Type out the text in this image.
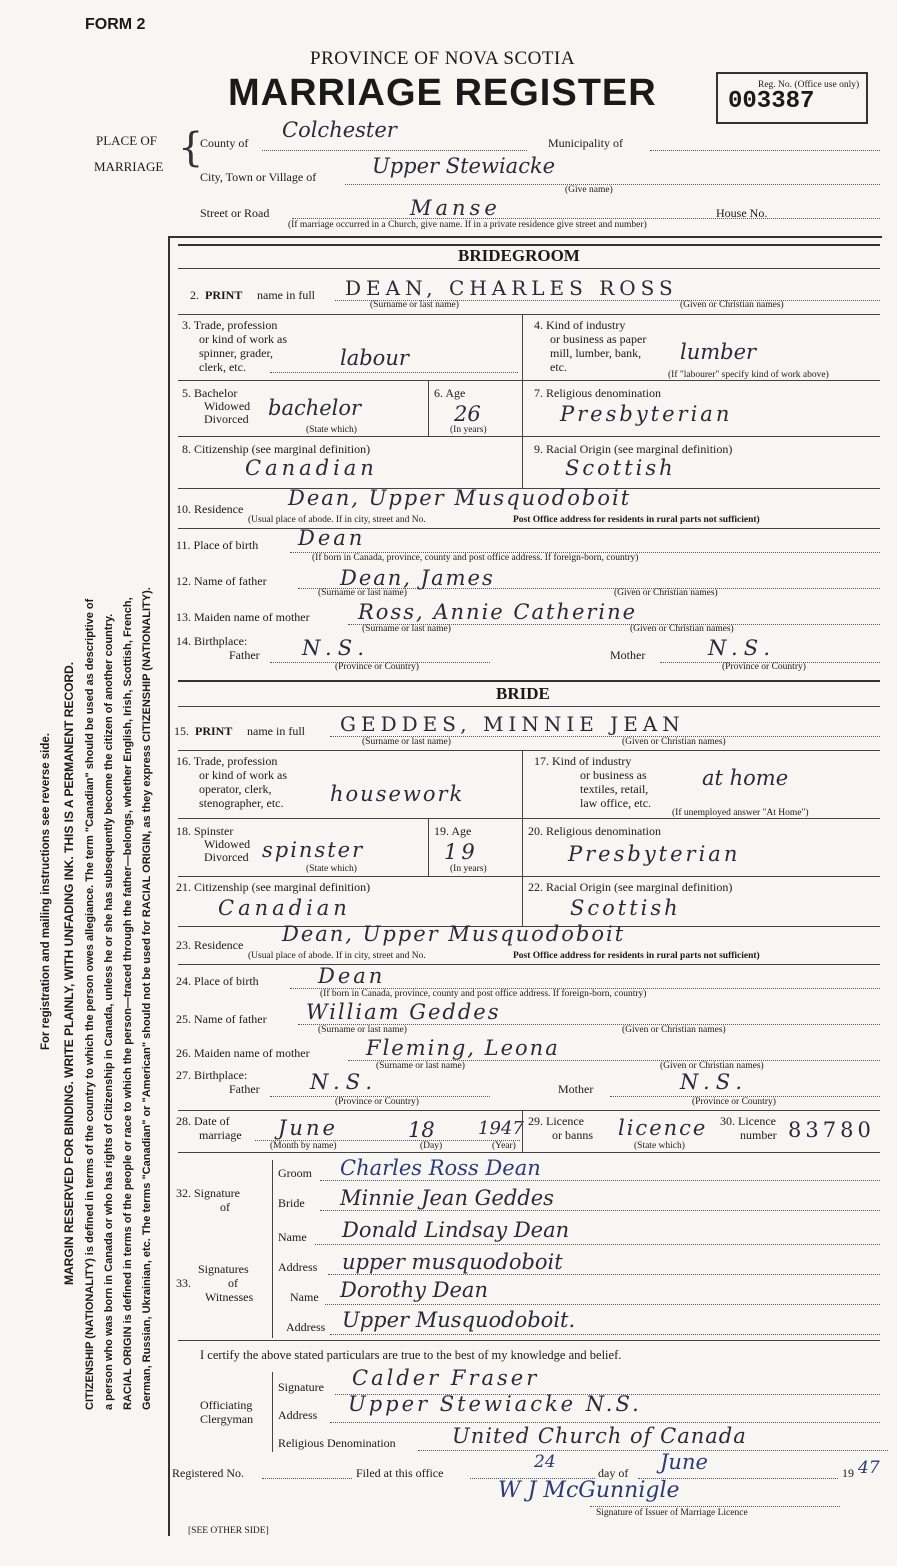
FORM 2
PROVINCE OF NOVA SCOTIA
MARRIAGE REGISTER	Reg. No. (Office use only)
003387
PLACE OF
MARRIAGE {
County of
Colchester
Municipality of
City, Town or Village of	Upper Stewiacke
(Give name)
Street or Road	Manse	House No.
(If marriage occurred in a Church, give name. If in a private residence give street and number)
For registration and mailing instructions see reverse side. MARGIN RESERVED FOR BINDING. WRITE PLAINLY, WITH UNFADING INK. THIS IS A PERMANENT RECORD. CITIZENSHIP (NATIONALITY) is defined in terms of the country to which the person owes allegiance. The term "Canadian" should be used as descriptive of a person who was born in Canada or who has rights of Citizenship in Canada, unless he or she has subsequently become the citizen of another country. RACIAL ORIGIN is defined in terms of the people or race to which the person—traced through the father—belongs, whether English, Irish, Scottish, French, German, Russian, Ukrainian, etc. The terms "Canadian" or "American" should not be used for RACIAL ORIGIN, as they express CITIZENSHIP (NATIONALITY).
BRIDEGROOM
2. PRINT name in full DEAN, CHARLES ROSS
(Surname or last name)	(Given or Christian names)
3. Trade, profession
or kind of work as
spinner, grader,
clerk, etc.	labour
4. Kind of industry
or business as paper
mill, lumber, bank,
etc.
lumber
(If "labourer" specify kind of work above)
5. Bachelor
Widowed
Divorced bachelor
(State which)
6. Age
26
(In years)
7. Religious denomination
Presbyterian
8. Citizenship (see marginal definition)
Canadian
9. Racial Origin (see marginal definition)
Scottish
10. Residence Dean, Upper Musquodoboit
(Usual place of abode. If in city, street and No.	Post Office address for residents in rural parts not sufficient)
11. Place of birth Dean
(If born in Canada, province, county and post office address. If foreign-born, country)
12. Name of father	Dean, James
(Surname or last name)	(Given or Christian names)
13. Maiden name of mother Ross, Annie Catherine
(Surname or last name)	(Given or Christian names)
14. Birthplace:
Father N.S.
(Province or Country)
Mother	N.S.
(Province or Country)
BRIDE
15. PRINT name in full GEDDES, MINNIE JEAN
(Surname or last name)	(Given or Christian names)
16. Trade, profession
or kind of work as
operator, clerk,
stenographer, etc. housework
17. Kind of industry
or business as
textiles, retail,
law office, etc.
at home
(If unemployed answer "At Home")
18. Spinster
Widowed
Divorced spinster
(State which)
19. Age
19
(In years)
20. Religious denomination
Presbyterian
21. Citizenship (see marginal definition)
Canadian
22. Racial Origin (see marginal definition)
Scottish
23. Residence Dean, Upper Musquodoboit
(Usual place of abode. If in city, street and No.	Post Office address for residents in rural parts not sufficient)
24. Place of birth	Dean
(If born in Canada, province, county and post office address. If foreign-born, country)
25. Name of father William Geddes
(Surname or last name)	(Given or Christian names)
26. Maiden name of mother	Fleming, Leona
(Surname or last name)	(Given or Christian names)
27. Birthplace:
Father N.S.
(Province or Country)
Mother	N.S.
(Province or Country)
28. Date of
marriage June	18 1947
(Month by name)	(Day)	(Year)
29. Licence
or banns licence
(State which)
30. Licence
number 83780
32. Signature
of
Groom Charles Ross Dean
Bride Minnie Jean Geddes
Signatures
33.	of
Witnesses
Name Donald Lindsay Dean
Address upper musquodoboit
Name Dorothy Dean
Address Upper Musquodoboit.
I certify the above stated particulars are true to the best of my knowledge and belief.
Officiating
Clergyman
Signature Calder Fraser
Address Upper Stewiacke N.S.
Religious Denomination	United Church of Canada
Registered No.	Filed at this office
24
day of June	19 47
W J McGunnigle
Signature of Issuer of Marriage Licence
[SEE OTHER SIDE]
